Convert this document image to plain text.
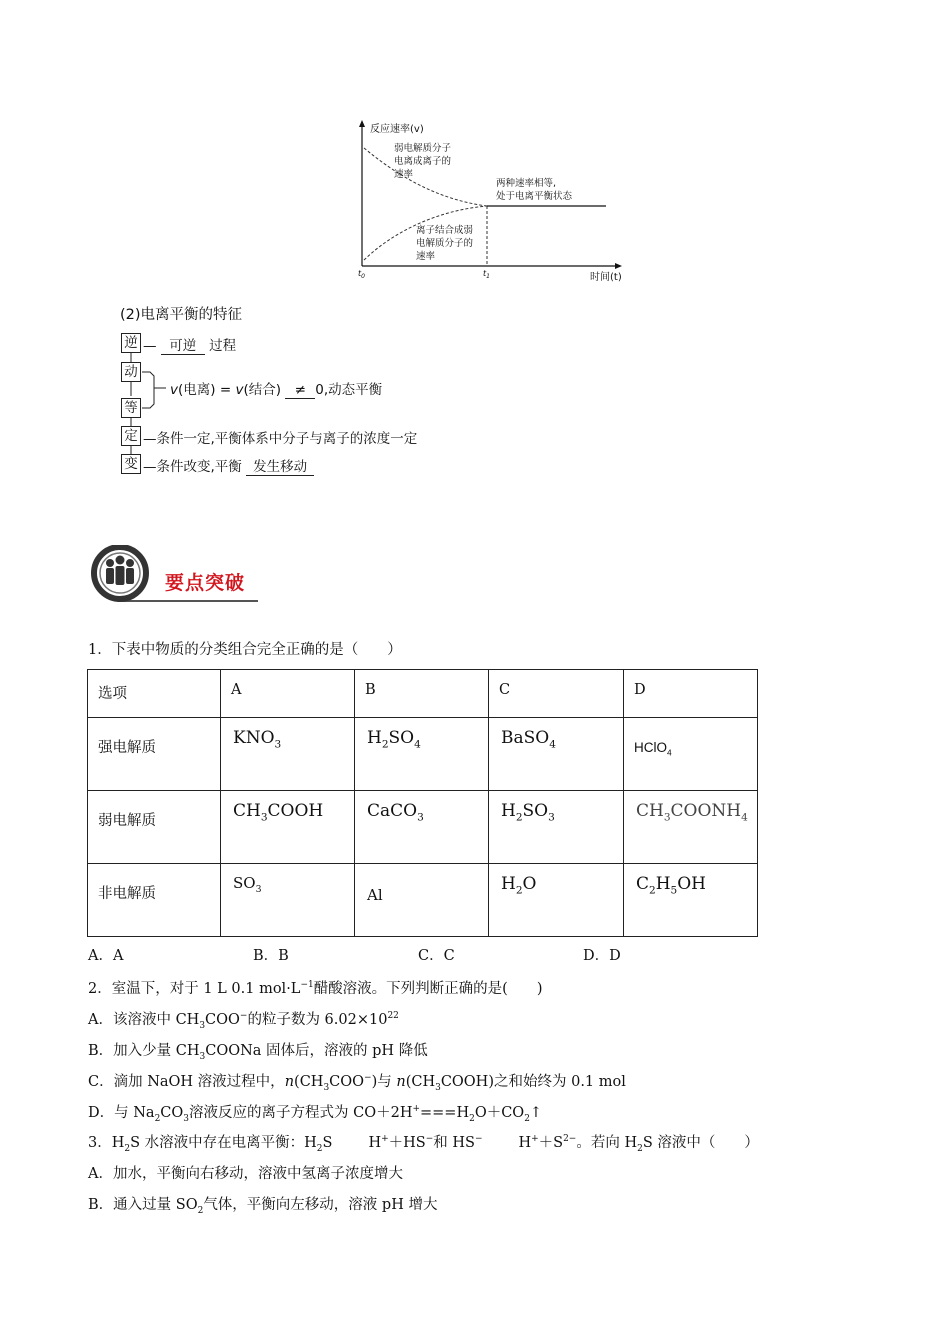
反应速率(v)
时间(t)
$t_0$	$t_1$
弱电解质分子 电离成离子的 速率
离子结合成弱 电解质分子的 速率
两种速率相等, 处于电离平衡状态
(2)电离平衡的特征
逆
动
等
定
变
— 可逆 过程
v(电离) = v(结合) ≠ 0,动态平衡
—条件一定,平衡体系中分子与离子的浓度一定
—条件改变,平衡 发生移动
要点突破
1．下表中物质的分类组合完全正确的是（　　）
选项	A	B	C	D

强电解质	$KNO_3$	$H_2SO_4$	BaSO$_4$	HClO$_4$

弱电解质	$CH_3COOH$	CaCO$_3$	$H_2SO_3$	$CH_3COONH_4$

非电解质	$SO_3$	Al	$H_2O$	$C_2H_5OH$
A．A	B．B	C．C	D．D
2．室温下，对于 1 L 0.1 $mol\cdot L^{-1}$醋酸溶液。下列判断正确的是(　　)
A．该溶液中 $CH_3COO^-$的粒子数为 $6.02\times 10^{22}$
B．加入少量 $CH_3COONa$ 固体后，溶液的 pH 降低
C．滴加 NaOH 溶液过程中，$n(CH_3COO^-)$与 $n(CH_3COOH)$之和始终为 0.1 mol
D．与 $Na_2CO_3$溶液反应的离子方程式为 $CO+2H^+===H_2O+CO_2↑$
3．$H_2S$ 水溶液中存在电离平衡：$H_2S$ H+＋HS−和 HS− $H^++S^{2-}$。若向 $H_2S$ 溶液中（　　）
A．加水，平衡向右移动，溶液中氢离子浓度增大
B．通入过量 $SO_2$气体，平衡向左移动，溶液 pH 增大
